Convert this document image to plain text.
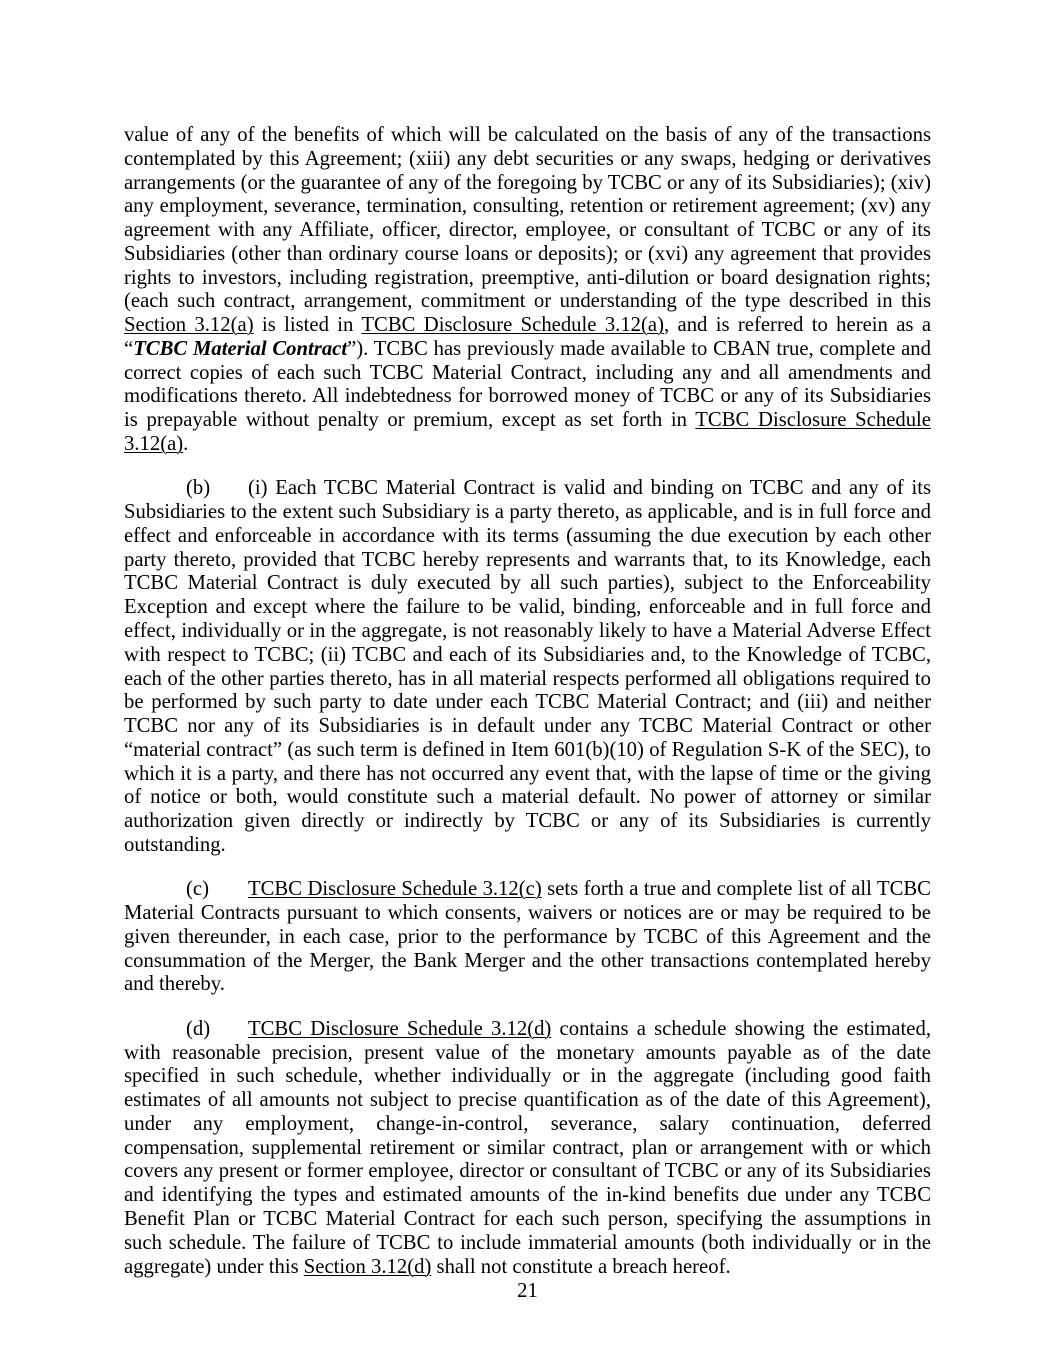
value of any of the benefits of which will be calculated on the basis of any of the transactions contemplated by this Agreement; (xiii) any debt securities or any swaps, hedging or derivatives arrangements (or the guarantee of any of the foregoing by TCBC or any of its Subsidiaries); (xiv) any employment, severance, termination, consulting, retention or retirement agreement; (xv) any agreement with any Affiliate, officer, director, employee, or consultant of TCBC or any of its Subsidiaries (other than ordinary course loans or deposits); or (xvi) any agreement that provides rights to investors, including registration, preemptive, anti-dilution or board designation rights; (each such contract, arrangement, commitment or understanding of the type described in this Section 3.12(a) is listed in TCBC Disclosure Schedule 3.12(a), and is referred to herein as a “TCBC Material Contract”). TCBC has previously made available to CBAN true, complete and correct copies of each such TCBC Material Contract, including any and all amendments and modifications thereto. All indebtedness for borrowed money of TCBC or any of its Subsidiaries is prepayable without penalty or premium, except as set forth in TCBC Disclosure Schedule 3.12(a).

(b) (i) Each TCBC Material Contract is valid and binding on TCBC and any of its Subsidiaries to the extent such Subsidiary is a party thereto, as applicable, and is in full force and effect and enforceable in accordance with its terms (assuming the due execution by each other party thereto, provided that TCBC hereby represents and warrants that, to its Knowledge, each TCBC Material Contract is duly executed by all such parties), subject to the Enforceability Exception and except where the failure to be valid, binding, enforceable and in full force and effect, individually or in the aggregate, is not reasonably likely to have a Material Adverse Effect with respect to TCBC; (ii) TCBC and each of its Subsidiaries and, to the Knowledge of TCBC, each of the other parties thereto, has in all material respects performed all obligations required to be performed by such party to date under each TCBC Material Contract; and (iii) and neither TCBC nor any of its Subsidiaries is in default under any TCBC Material Contract or other “material contract” (as such term is defined in Item 601(b)(10) of Regulation S-K of the SEC), to which it is a party, and there has not occurred any event that, with the lapse of time or the giving of notice or both, would constitute such a material default. No power of attorney or similar authorization given directly or indirectly by TCBC or any of its Subsidiaries is currently outstanding.

(c) TCBC Disclosure Schedule 3.12(c) sets forth a true and complete list of all TCBC Material Contracts pursuant to which consents, waivers or notices are or may be required to be given thereunder, in each case, prior to the performance by TCBC of this Agreement and the consummation of the Merger, the Bank Merger and the other transactions contemplated hereby and thereby.

(d) TCBC Disclosure Schedule 3.12(d) contains a schedule showing the estimated, with reasonable precision, present value of the monetary amounts payable as of the date specified in such schedule, whether individually or in the aggregate (including good faith estimates of all amounts not subject to precise quantification as of the date of this Agreement), under any employment, change-in-control, severance, salary continuation, deferred compensation, supplemental retirement or similar contract, plan or arrangement with or which covers any present or former employee, director or consultant of TCBC or any of its Subsidiaries and identifying the types and estimated amounts of the in-kind benefits due under any TCBC Benefit Plan or TCBC Material Contract for each such person, specifying the assumptions in such schedule. The failure of TCBC to include immaterial amounts (both individually or in the aggregate) under this Section 3.12(d) shall not constitute a breach hereof.

21
